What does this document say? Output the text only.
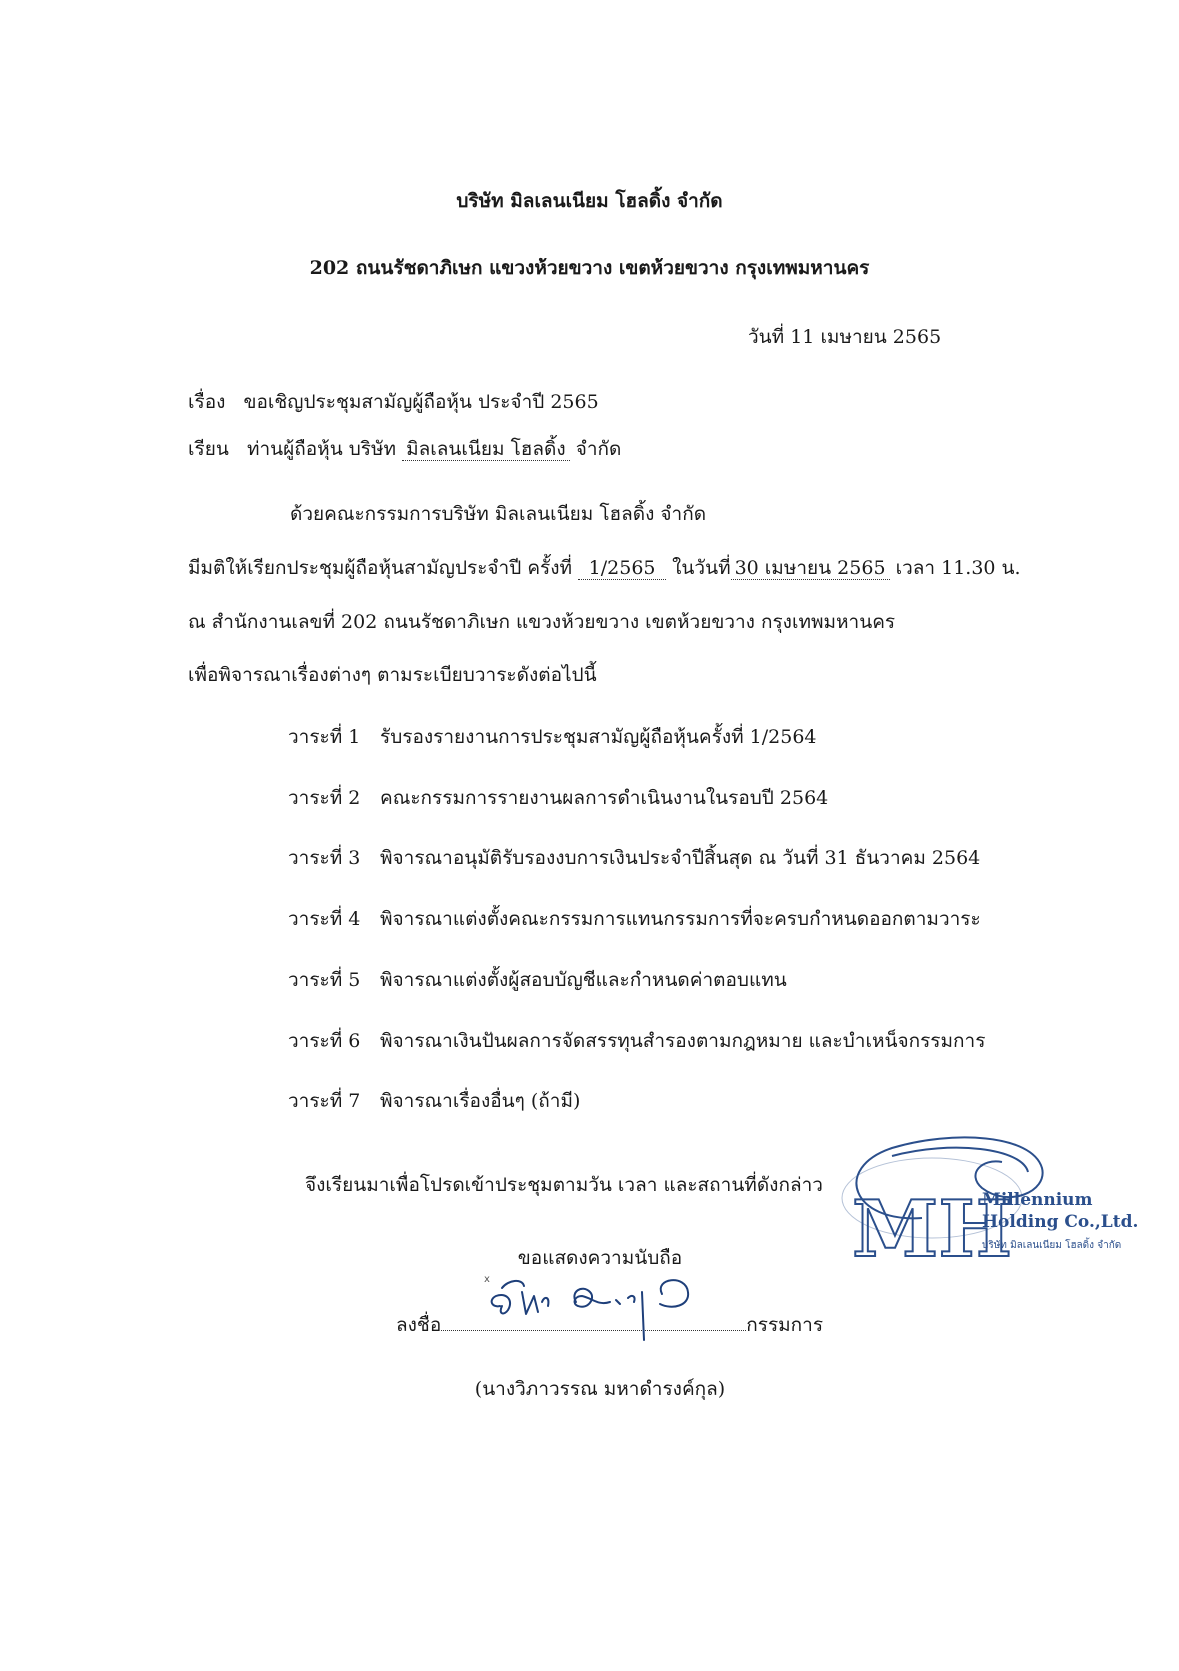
บริษัท มิลเลนเนียม โฮลดิ้ง จำกัด
202 ถนนรัชดาภิเษก แขวงห้วยขวาง เขตห้วยขวาง กรุงเทพมหานคร
วันที่ 11 เมษายน 2565
เรื่อง ขอเชิญประชุมสามัญผู้ถือหุ้น ประจำปี 2565
เรียน ท่านผู้ถือหุ้น บริษัท มิลเลนเนียม โฮลดิ้ง จำกัด
ด้วยคณะกรรมการบริษัท มิลเลนเนียม โฮลดิ้ง จำกัด
มีมติให้เรียกประชุมผู้ถือหุ้นสามัญประจำปี ครั้งที่ 1/2565 ในวันที่ 30 เมษายน 2565 เวลา 11.30 น.
ณ สำนักงานเลขที่ 202 ถนนรัชดาภิเษก แขวงห้วยขวาง เขตห้วยขวาง กรุงเทพมหานคร
เพื่อพิจารณาเรื่องต่างๆ ตามระเบียบวาระดังต่อไปนี้
วาระที่ 1 รับรองรายงานการประชุมสามัญผู้ถือหุ้นครั้งที่ 1/2564
วาระที่ 2 คณะกรรมการรายงานผลการดำเนินงานในรอบปี 2564
วาระที่ 3 พิจารณาอนุมัติรับรองงบการเงินประจำปีสิ้นสุด ณ วันที่ 31 ธันวาคม 2564
วาระที่ 4 พิจารณาแต่งตั้งคณะกรรมการแทนกรรมการที่จะครบกำหนดออกตามวาระ
วาระที่ 5 พิจารณาแต่งตั้งผู้สอบบัญชีและกำหนดค่าตอบแทน
วาระที่ 6 พิจารณาเงินปันผลการจัดสรรทุนสำรองตามกฎหมาย และบำเหน็จกรรมการ
วาระที่ 7 พิจารณาเรื่องอื่นๆ (ถ้ามี)
จึงเรียนมาเพื่อโปรดเข้าประชุมตามวัน เวลา และสถานที่ดังกล่าว
ขอแสดงความนับถือ
ลงชื่อ	กรรมการ
x
(นางวิภาวรรณ มหาดำรงค์กุล)
MH
Millennium
Holding Co.,Ltd.
บริษัท มิลเลนเนียม โฮลดิ้ง จำกัด
